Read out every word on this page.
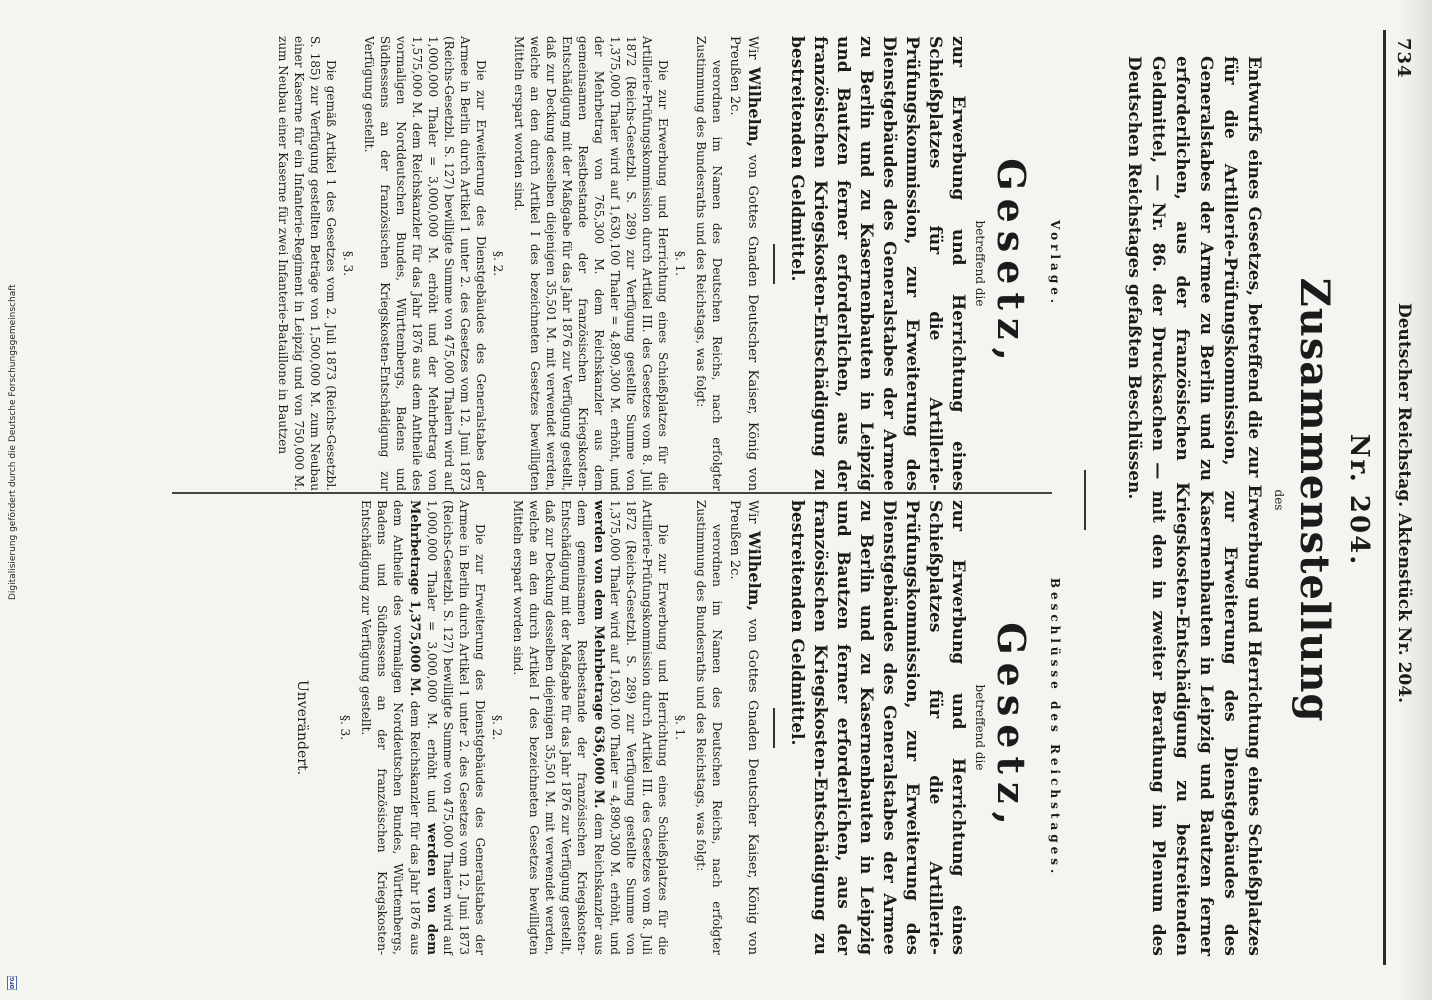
734
Deutscher Reichstag. Aktenstück Nr. 204.
Nr. 204.
Zusammenstellung
des
Entwurfs eines Gesetzes, betreffend die zur Erwerbung und Herrichtung eines Schießplatzes für die Artillerie-Prüfungskommission, zur Erweiterung des Dienstgebäudes des Generalstabes der Armee zu Berlin und zu Kasernenbauten in Leipzig und Bautzen ferner erforderlichen, aus der französischen Kriegskosten-Entschädigung zu bestreitenden Geldmittel, — Nr. 86. der Drucksachen — mit den in zweiter Berathung im Plenum des Deutschen Reichstages gefaßten Beschlüssen.
Vorlage.
Gesetz,
betreffend die
zur Erwerbung und Herrichtung eines Schießplatzes für die Artillerie-Prüfungskommission, zur Erweiterung des Dienstgebäudes des Generalstabes der Armee zu Berlin und zu Kasernenbauten in Leipzig und Bautzen ferner erforderlichen, aus der französischen Kriegskosten-Entschädigung zu bestreitenden Geldmittel.
Wir Wilhelm, von Gottes Gnaden Deutscher Kaiser, König von Preußen 2c.
verordnen im Namen des Deutschen Reichs, nach erfolgter Zustimmung des Bundesraths und des Reichstags, was folgt:
§. 1.
Die zur Erwerbung und Herrichtung eines Schießplatzes für die Artillerie-Prüfungskommission durch Artikel III. des Gesetzes vom 8. Juli 1872 (Reichs-Gesetzbl. S. 289) zur Verfügung gestellte Summe von 1,375,000 Thaler wird auf 1,630,100 Thaler = 4,890,300 M. erhöht, und der Mehrbetrag von 765,300 M. dem Reichskanzler aus dem gemeinsamen Restbestande der französischen Kriegskosten-Entschädigung mit der Maßgabe für das Jahr 1876 zur Verfügung gestellt, daß zur Deckung desselben diejenigen 35,501 M. mit verwendet werden, welche an den durch Artikel I des bezeichneten Gesetzes bewilligten Mitteln erspart worden sind.
§. 2.
Die zur Erweiterung des Dienstgebäudes des Generalstabes der Armee in Berlin durch Artikel 1 unter 2. des Gesetzes vom 12. Juni 1873 (Reichs-Gesetzbl. S. 127) bewilligte Summe von 475,000 Thalern wird auf 1,000,000 Thaler = 3,000,000 M. erhöht und der Mehrbetrag von 1,575,000 M. dem Reichskanzler für das Jahr 1876 aus dem Antheile des vormaligen Norddeutschen Bundes, Württembergs, Badens und Südhessens an der französischen Kriegskosten-Entschädigung zur Verfügung gestellt.
§. 3.
Die gemäß Artikel 1 des Gesetzes vom 2. Juli 1873 (Reichs-Gesetzbl. S. 185) zur Verfügung gestellten Beträge von 1,500,000 M. zum Neubau einer Kaserne für ein Infanterie-Regiment in Leipzig und von 750,000 M. zum Neubau einer Kaserne für zwei Infanterie-Bataillone in Bautzen
Beschlüsse des Reichstages.
Gesetz,
betreffend die
zur Erwerbung und Herrichtung eines Schießplatzes für die Artillerie-Prüfungskommission, zur Erweiterung des Dienstgebäudes des Generalstabes der Armee zu Berlin und zu Kasernenbauten in Leipzig und Bautzen ferner erforderlichen, aus der französischen Kriegskosten-Entschädigung zu bestreitenden Geldmittel.
Wir Wilhelm, von Gottes Gnaden Deutscher Kaiser, König von Preußen 2c.
verordnen im Namen des Deutschen Reichs, nach erfolgter Zustimmung des Bundesraths und des Reichstags, was folgt:
§. 1.
Die zur Erwerbung und Herrichtung eines Schießplatzes für die Artillerie-Prüfungskommission durch Artikel III. des Gesetzes vom 8. Juli 1872 (Reichs-Gesetzbl. S. 289) zur Verfügung gestellte Summe von 1,375,000 Thaler wird auf 1,630,100 Thaler = 4,890,300 M. erhöht, und werden von dem Mehrbetrage 636,000 M. dem Reichskanzler aus dem gemeinsamen Restbestande der französischen Kriegskosten-Entschädigung mit der Maßgabe für das Jahr 1876 zur Verfügung gestellt, daß zur Deckung desselben diejenigen 35,501 M. mit verwendet werden, welche an den durch Artikel I des bezeichneten Gesetzes bewilligten Mitteln erspart worden sind.
§. 2.
Die zur Erweiterung des Dienstgebäudes des Generalstabes der Armee in Berlin durch Artikel 1 unter 2. des Gesetzes vom 12. Juni 1873 (Reichs-Gesetzbl. S. 127) bewilligte Summe von 475,000 Thalern wird auf 1,000,000 Thaler = 3,000,000 M. erhöht und werden von dem Mehrbetrage 1,375,000 M. dem Reichskanzler für das Jahr 1876 aus dem Antheile des vormaligen Norddeutschen Bundes, Württembergs, Badens und Südhessens an der französischen Kriegskosten-Entschädigung zur Verfügung gestellt.
§. 3.
Unverändert.
Digitalisierung gefördert durch die Deutsche Forschungsgemeinschaft
DFG
